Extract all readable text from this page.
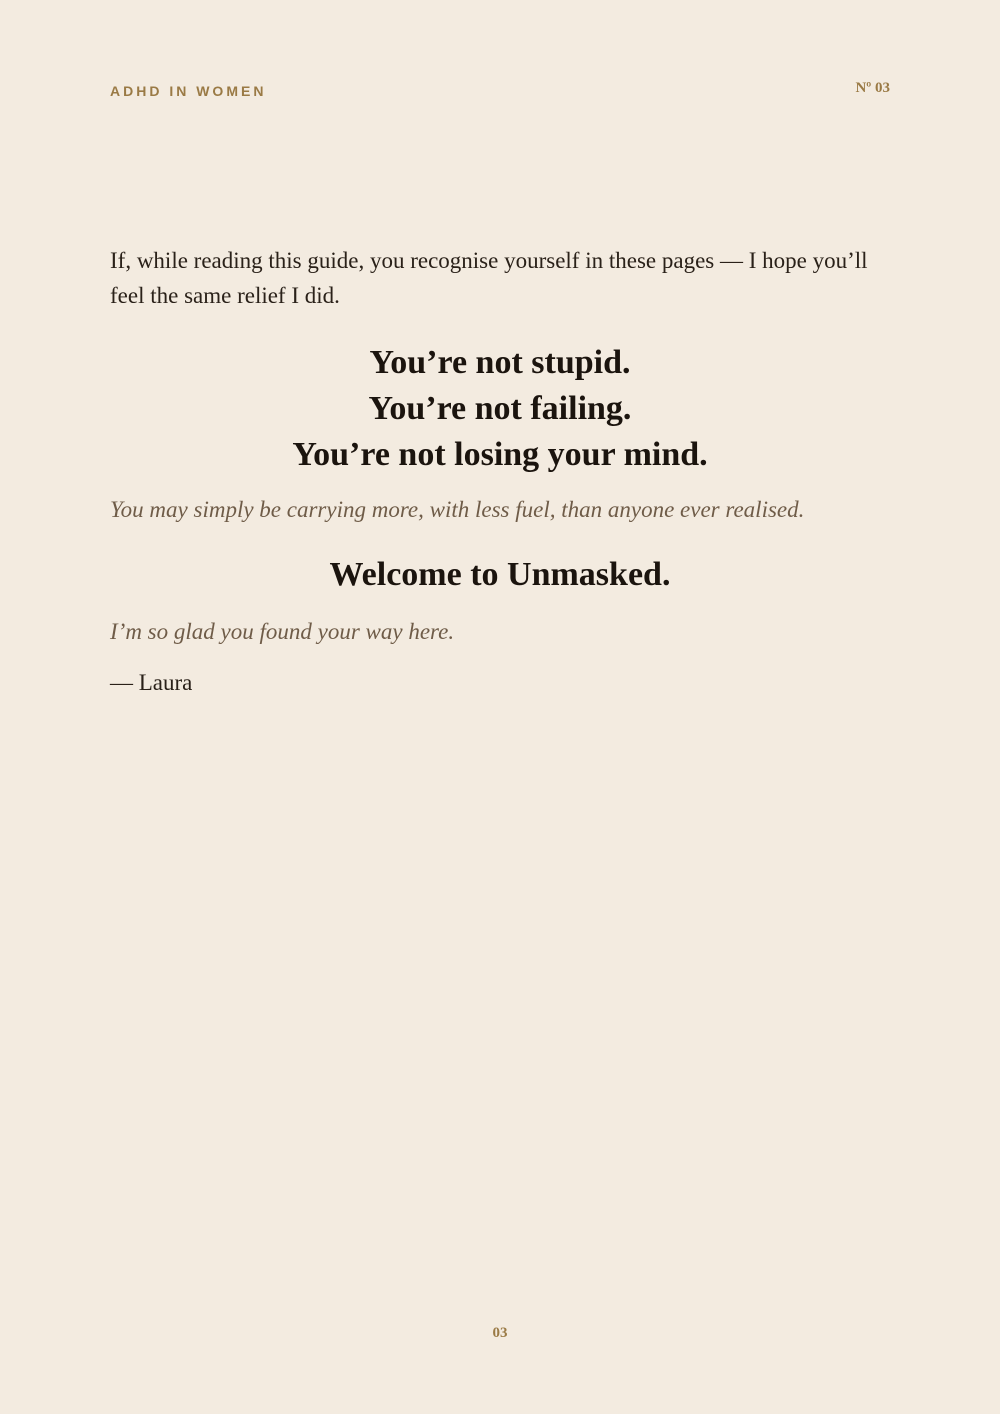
ADHD IN WOMEN	Nº 03

If, while reading this guide, you recognise yourself in these pages — I hope you’ll feel the same relief I did.

You’re not stupid.
You’re not failing.
You’re not losing your mind.
You may simply be carrying more, with less fuel, than anyone ever realised.
Welcome to Unmasked.
I’m so glad you found your way here.
— Laura
03
